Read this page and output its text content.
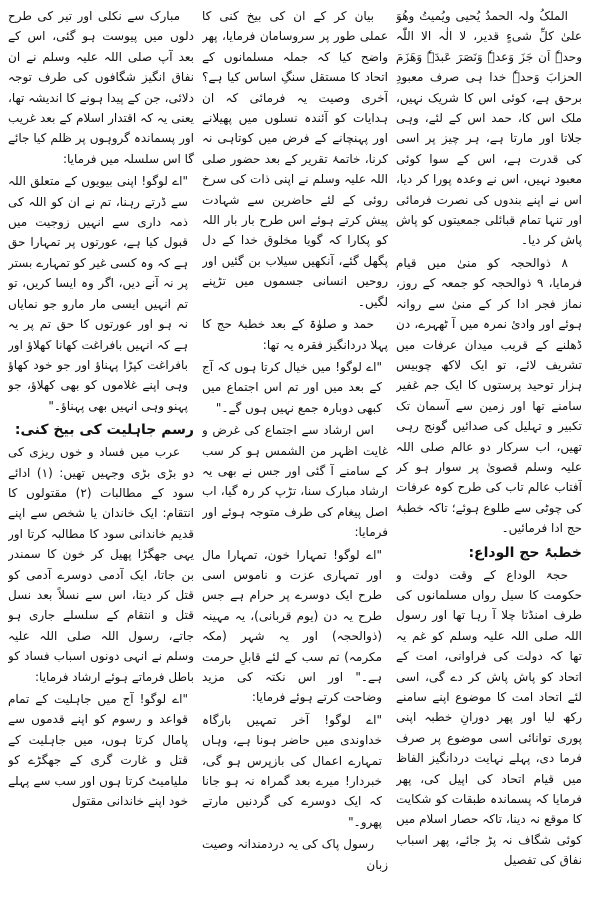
الملکُ ولہ الحمدُ یُحیی ویُمیتُ وھُوَ علیٰ کلِّ شیءٍ قدیر، لا الٰہ الا اللّٰہ وحدہٗ اَن جَزَ وَعدہٗ وَنَصَرَ عَبدَہٗ وَھَزَمَ الحزابَ وَحدہٗ خدا ہی صرف معبودِ برحق ہے، کوئی اس کا شریک نہیں، ملک اس کا، حمد اس کے لئے، وہی جلاتا اور مارتا ہے، ہر چیز پر اسی کی قدرت ہے، اس کے سوا کوئی معبود نہیں، اس نے وعدہ پورا کر دیا، اس نے اپنے بندوں کی نصرت فرمائی اور تنہا تمام قبائلی جمعیتوں کو پاش پاش کر دیا۔

۸ ذوالحجہ کو منیٰ میں قیام فرمایا، ۹ ذوالحجہ کو جمعہ کے روز، نماز فجر ادا کر کے منیٰ سے روانہ ہوئے اور وادیٔ نمرہ میں آ ٹھہرے، دن ڈھلنے کے قریب میدان عرفات میں تشریف لائے، تو ایک لاکھ چوبیس ہزار توحید پرستوں کا ایک جم غفیر سامنے تھا اور زمین سے آسمان تک تکبیر و تہلیل کی صدائیں گونج رہی تھیں، اب سرکار دو عالم صلی اللہ علیہ وسلم قصویٰ پر سوار ہو کر آفتاب عالم تاب کی طرح کوہ عرفات کی چوٹی سے طلوع ہوئے؛ تاکہ خطبۂ حج ادا فرمائیں۔

خطبۂ حج الوداع:

حجۃ الوداع کے وقت دولت و حکومت کا سیل رواں مسلمانوں کی طرف امنڈتا چلا آ رہا تھا اور رسول اللہ صلی اللہ علیہ وسلم کو غم یہ تھا کہ دولت کی فراوانی، امت کے اتحاد کو پاش پاش کر دے گی، اسی لئے اتحاد امت کا موضوع اپنے سامنے رکھ لیا اور پھر دورانِ خطبہ اپنی پوری توانائی اسی موضوع پر صرف فرما دی، پہلے نہایت دردانگیز الفاظ میں قیام اتحاد کی اپیل کی، پھر فرمایا کہ پسماندہ طبقات کو شکایت کا موقع نہ دینا، تاکہ حصار اسلام میں کوئی شگاف نہ پڑ جائے، پھر اسباب نفاق کی تفصیل

بیان کر کے ان کی بیخ کنی کا عملی طور پر سروسامان فرمایا، پھر واضح کیا کہ جملہ مسلمانوں کے اتحاد کا مستقل سنگِ اساس کیا ہے؟ آخری وصیت یہ فرمائی کہ ان ہدایات کو آئندہ نسلوں میں پھیلانے اور پہنچانے کے فرض میں کوتاہی نہ کرنا، خاتمۂ تقریر کے بعد حضور صلی اللہ علیہ وسلم نے اپنی ذات کی سرخ روئی کے لئے حاضرین سے شہادت پیش کرتے ہوئے اس طرح بار بار اللہ کو پکارا کہ گویا مخلوق خدا کے دل پگھل گئے، آنکھیں سیلاب بن گئیں اور روحیں انسانی جسموں میں تڑپنے لگیں۔

حمد و صلوٰۃ کے بعد خطبۂ حج کا پہلا دردانگیز فقرہ یہ تھا:

"اے لوگو! میں خیال کرتا ہوں کہ آج کے بعد میں اور تم اس اجتماع میں کبھی دوبارہ جمع نہیں ہوں گے۔"

اس ارشاد سے اجتماع کی غرض و غایت اظہر من الشمس ہو کر سب کے سامنے آ گئی اور جس نے بھی یہ ارشاد مبارک سنا، تڑپ کر رہ گیا، اب اصل پیغام کی طرف متوجہ ہوئے اور فرمایا:

"اے لوگو! تمہارا خون، تمہارا مال اور تمہاری عزت و ناموس اسی طرح ایک دوسرے پر حرام ہے جس طرح یہ دن (یوم قربانی)، یہ مہینہ (ذوالحجہ) اور یہ شہر (مکہ مکرمہ) تم سب کے لئے قابلِ حرمت ہے۔" اور اس نکتہ کی مزید وضاحت کرتے ہوئے فرمایا:

"اے لوگو! آخر تمہیں بارگاہ خداوندی میں حاضر ہونا ہے، وہاں تمہارے اعمال کی بازپرس ہو گی، خبردار! میرے بعد گمراہ نہ ہو جانا کہ ایک دوسرے کی گردنیں مارتے پھرو۔"

رسول پاک کی یہ دردمندانہ وصیت زبان

مبارک سے نکلی اور تیر کی طرح دلوں میں پیوست ہو گئی، اس کے بعد آپ صلی اللہ علیہ وسلم نے ان نفاق انگیز شگافوں کی طرف توجہ دلائی، جن کے پیدا ہونے کا اندیشہ تھا، یعنی یہ کہ اقتدار اسلام کے بعد غریب اور پسماندہ گروہوں پر ظلم کیا جائے گا اس سلسلہ میں فرمایا:

"اے لوگو! اپنی بیویوں کے متعلق اللہ سے ڈرتے رہنا، تم نے ان کو اللہ کی ذمہ داری سے انہیں زوجیت میں قبول کیا ہے، عورتوں پر تمہارا حق ہے کہ وہ کسی غیر کو تمہارے بستر پر نہ آنے دیں، اگر وہ ایسا کریں، تو تم انہیں ایسی مار مارو جو نمایاں نہ ہو اور عورتوں کا حق تم پر یہ ہے کہ انہیں بافراغت کھانا کھلاؤ اور بافراغت کپڑا پہناؤ اور جو خود کھاؤ وہی اپنے غلاموں کو بھی کھلاؤ، جو پہنو وہی انہیں بھی پہناؤ۔"

رسم جاہلیت کی بیخ کنی:

عرب میں فساد و خوں ریزی کی دو بڑی بڑی وجہیں تھیں: (۱) ادائے سود کے مطالبات (۲) مقتولوں کا انتقام: ایک خاندان یا شخص سے اپنے قدیم خاندانی سود کا مطالبہ کرتا اور یہی جھگڑا پھیل کر خون کا سمندر بن جاتا، ایک آدمی دوسرے آدمی کو قتل کر دیتا، اس سے نسلاً بعد نسل قتل و انتقام کے سلسلے جاری ہو جاتے، رسول اللہ صلی اللہ علیہ وسلم نے انہی دونوں اسباب فساد کو باطل فرماتے ہوئے ارشاد فرمایا:

"اے لوگو! آج میں جاہلیت کے تمام قواعد و رسوم کو اپنے قدموں سے پامال کرتا ہوں، میں جاہلیت کے قتل و غارت گری کے جھگڑے کو ملیامیٹ کرتا ہوں اور سب سے پہلے خود اپنے خاندانی مقتول
